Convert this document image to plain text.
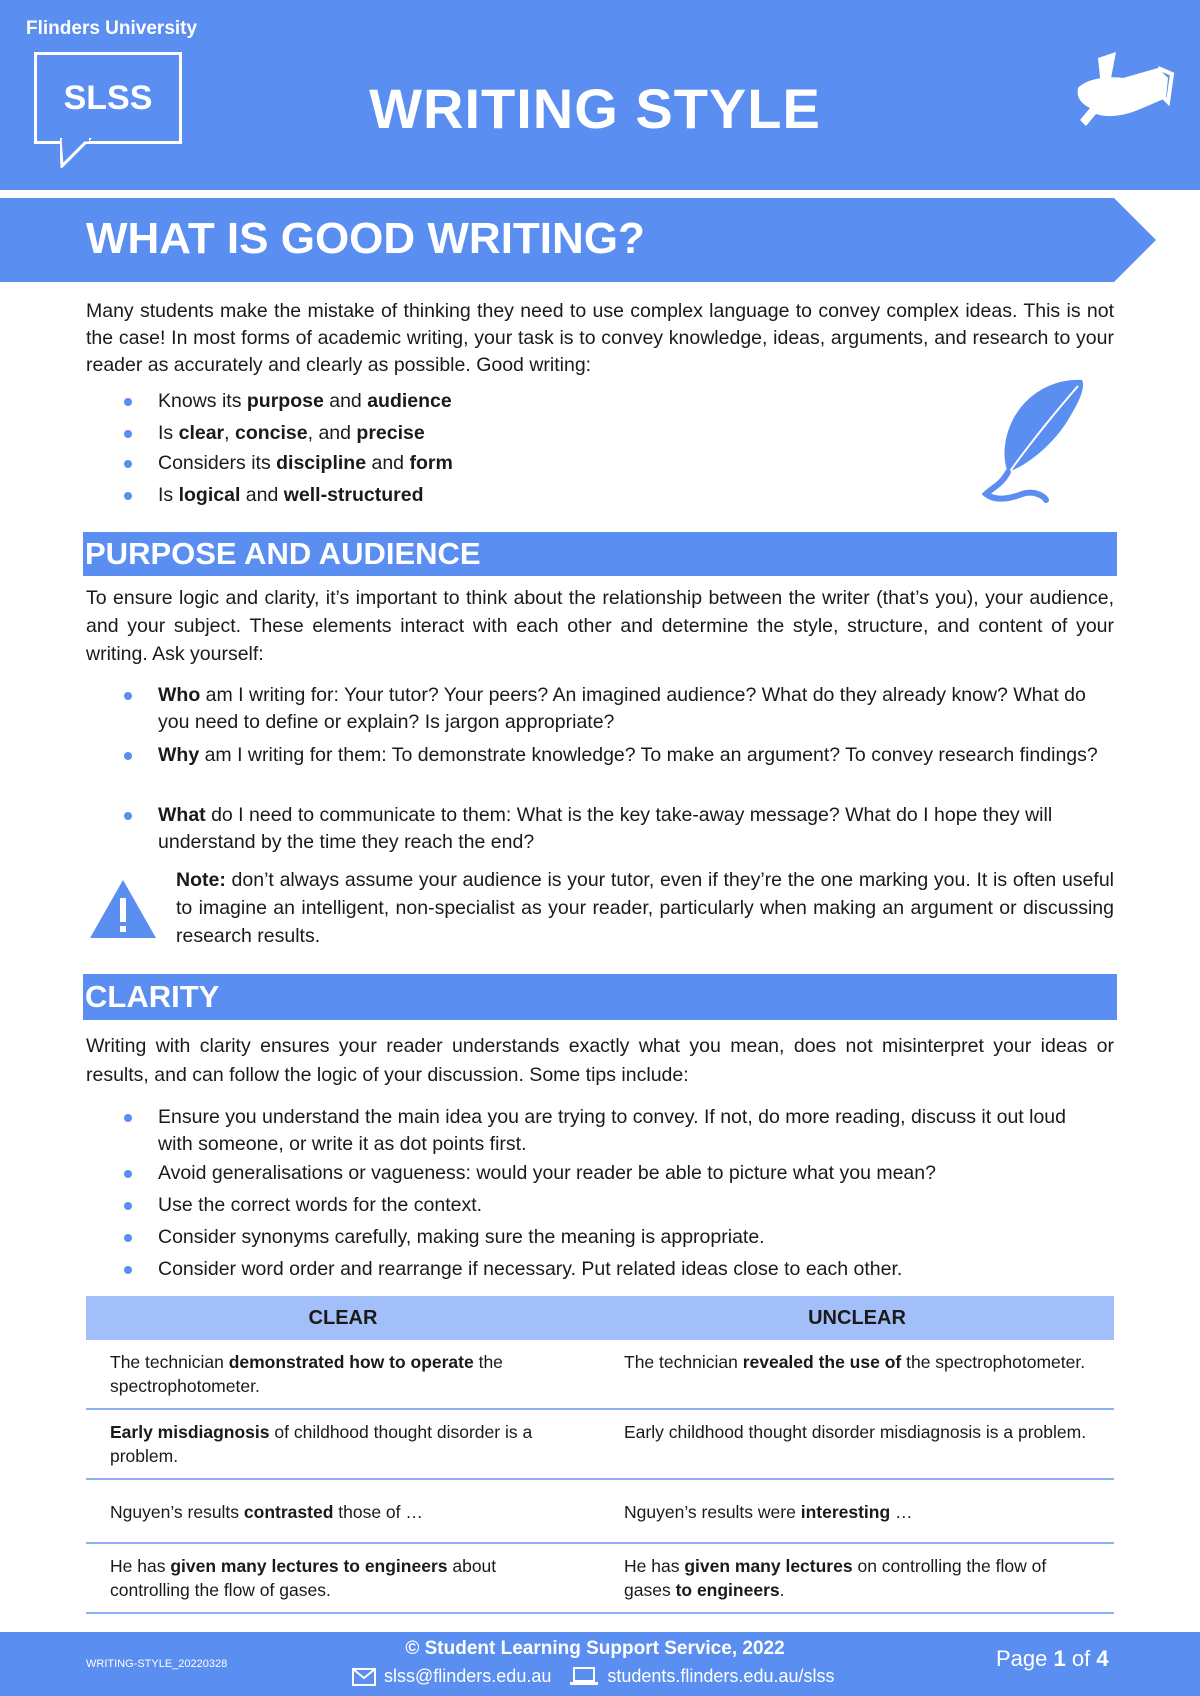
Flinders University
SLSS	WRITING STYLE
WHAT IS GOOD WRITING?
Many students make the mistake of thinking they need to use complex language to convey complex ideas. This is not the case! In most forms of academic writing, your task is to convey knowledge, ideas, arguments, and research to your reader as accurately and clearly as possible. Good writing:
Knows its purpose and audience
Is clear, concise, and precise
Considers its discipline and form
Is logical and well-structured
PURPOSE AND AUDIENCE
To ensure logic and clarity, it’s important to think about the relationship between the writer (that’s you), your audience, and your subject. These elements interact with each other and determine the style, structure, and content of your writing. Ask yourself:
Who am I writing for: Your tutor? Your peers? An imagined audience? What do they already know? What do you need to define or explain? Is jargon appropriate?
Why am I writing for them: To demonstrate knowledge? To make an argument? To convey research findings?
What do I need to communicate to them: What is the key take-away message? What do I hope they will understand by the time they reach the end?
Note: don’t always assume your audience is your tutor, even if they’re the one marking you. It is often useful to imagine an intelligent, non-specialist as your reader, particularly when making an argument or discussing research results.
CLARITY
Writing with clarity ensures your reader understands exactly what you mean, does not misinterpret your ideas or results, and can follow the logic of your discussion. Some tips include:
Ensure you understand the main idea you are trying to convey. If not, do more reading, discuss it out loud with someone, or write it as dot points first.
Avoid generalisations or vagueness: would your reader be able to picture what you mean?
Use the correct words for the context.
Consider synonyms carefully, making sure the meaning is appropriate.
Consider word order and rearrange if necessary. Put related ideas close to each other.
CLEAR	UNCLEAR
The technician demonstrated how to operate the spectrophotometer.	The technician revealed the use of the spectrophotometer.
Early misdiagnosis of childhood thought disorder is a problem.	Early childhood thought disorder misdiagnosis is a problem.
Nguyen’s results contrasted those of …	Nguyen’s results were interesting …
He has given many lectures to engineers about controlling the flow of gases.	He has given many lectures on controlling the flow of gases to engineers.
WRITING-STYLE_20220328
© Student Learning Support Service, 2022
slss@flinders.edu.au	students.flinders.edu.au/slss
Page 1 of 4
